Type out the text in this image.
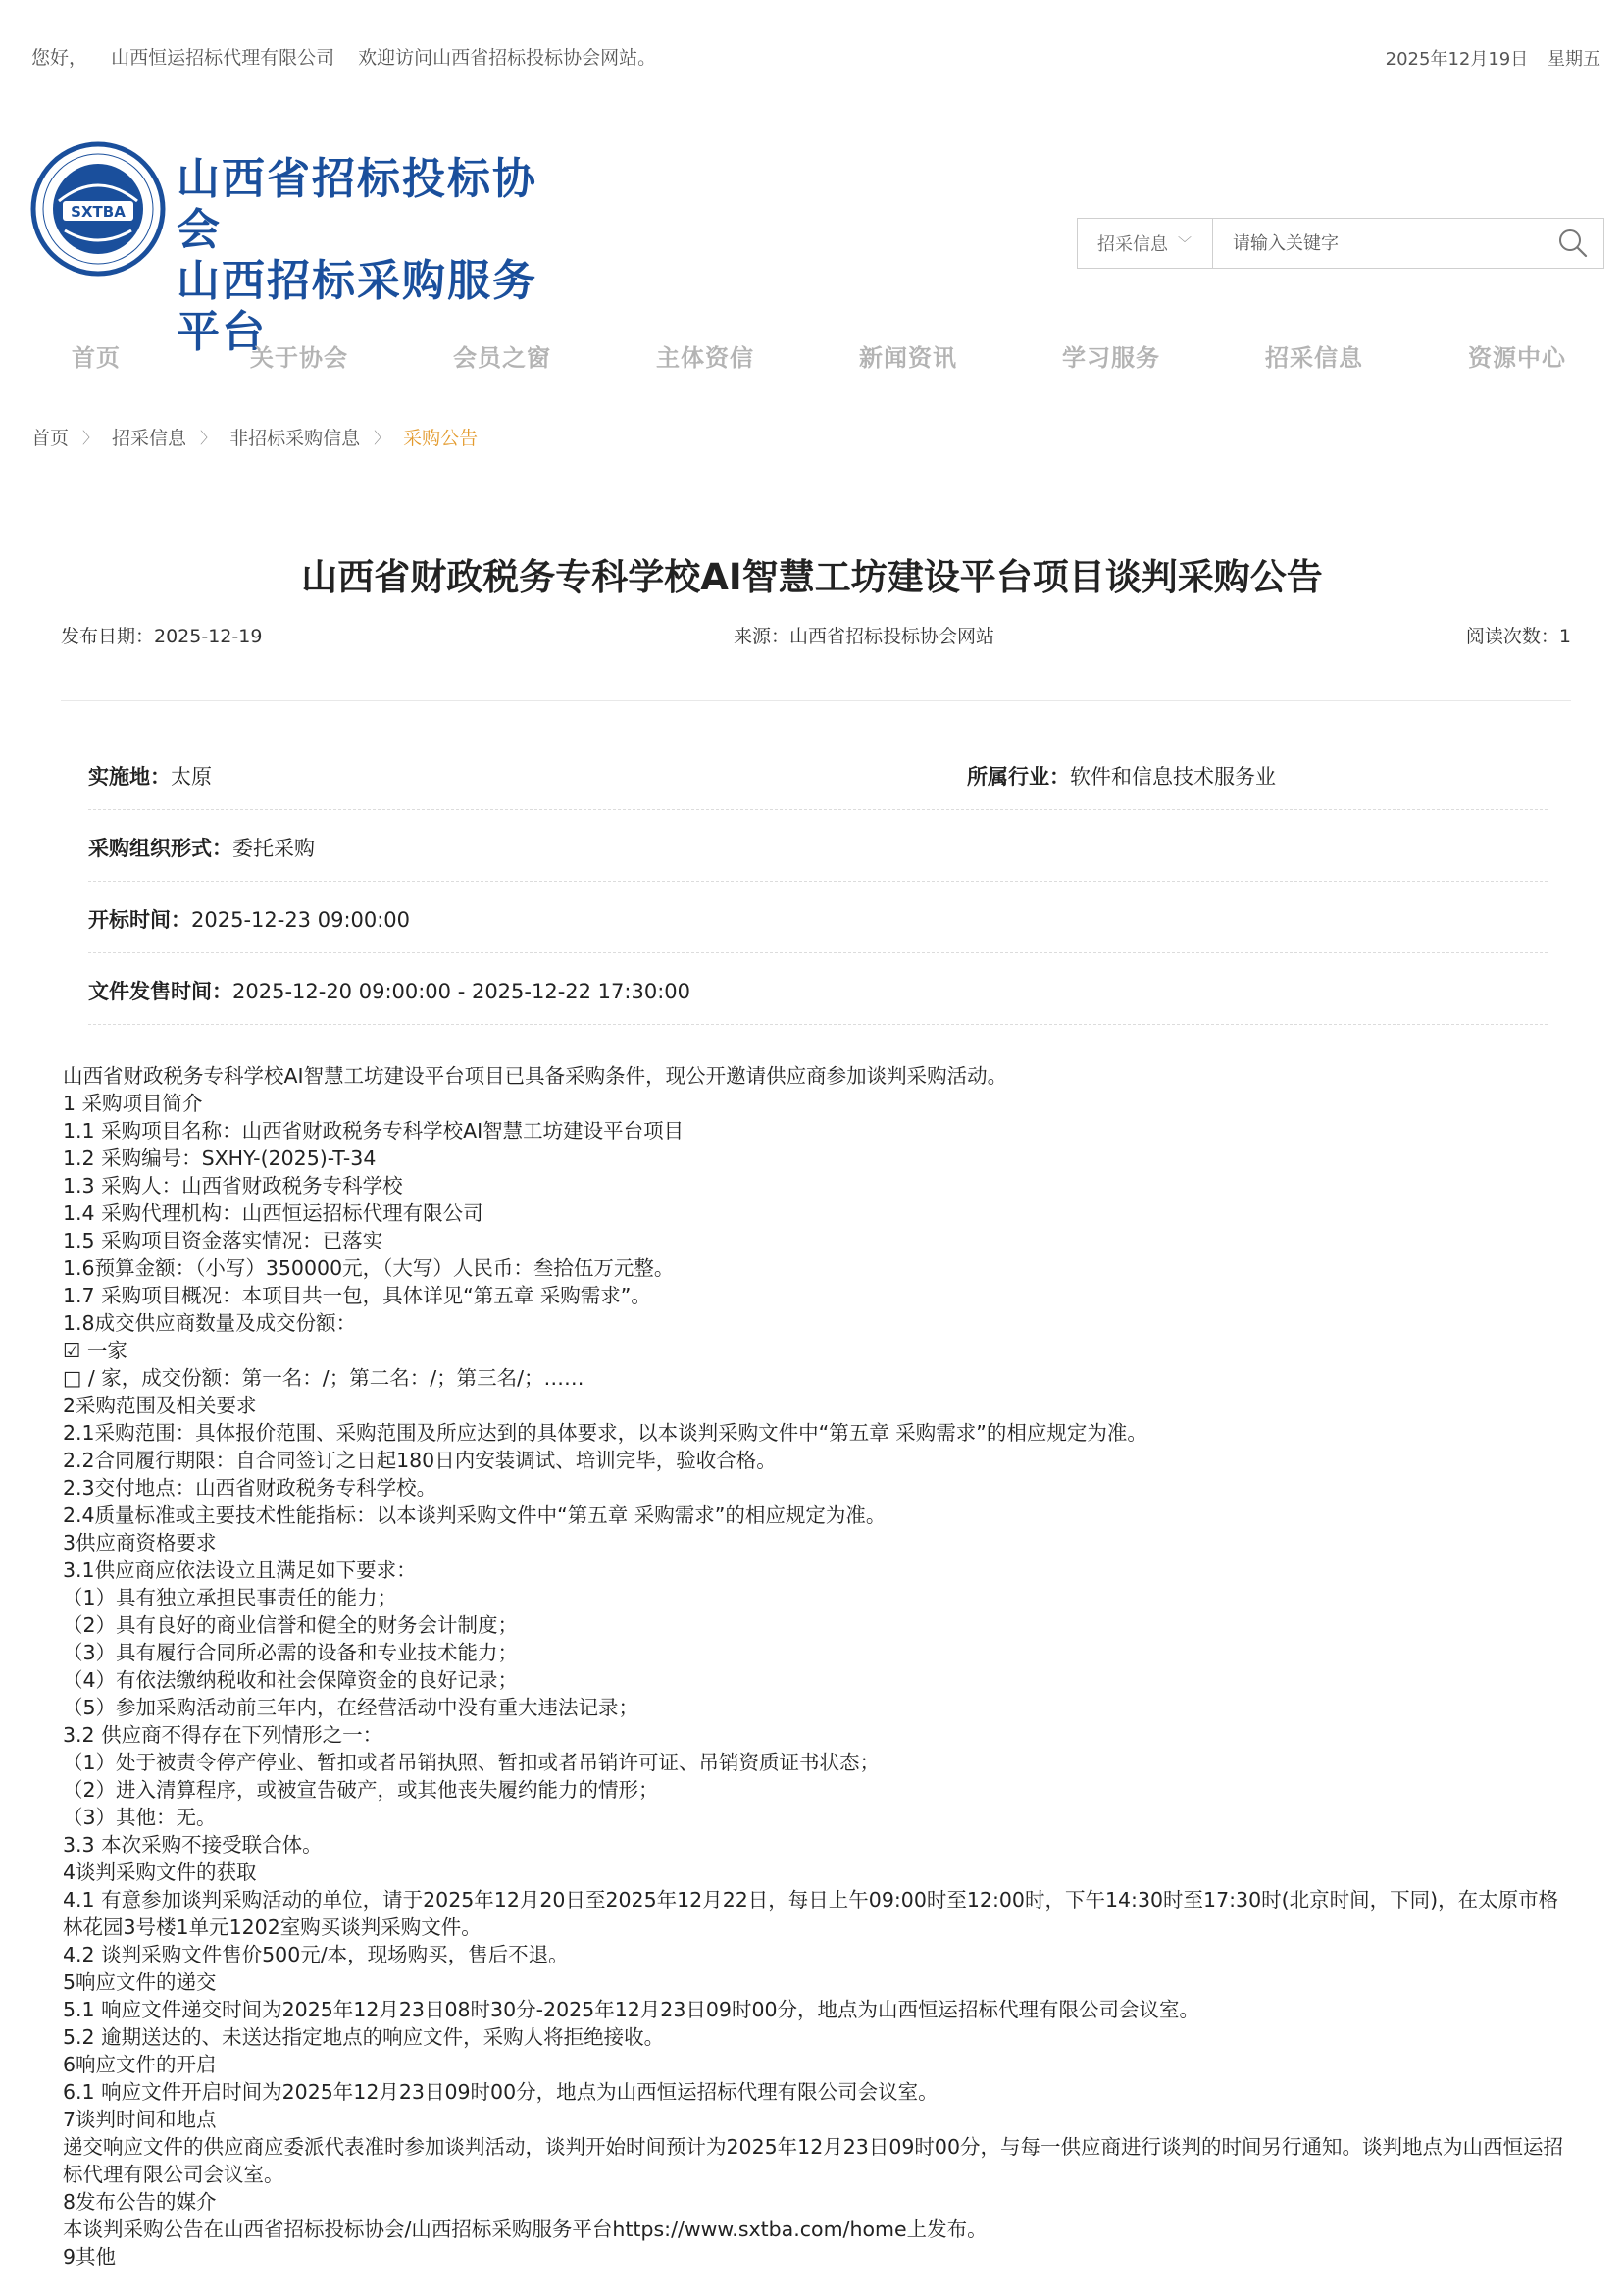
您好， 山西恒运招标代理有限公司 欢迎访问山西省招标投标协会网站。	2025年12月19日 星期五
SXTBA
山西省招标投标协会
山西招标采购服务平台
招采信息 ﹀
请输入关键字
首页	关于协会	会员之窗	主体资信	新闻资讯	学习服务	招采信息	资源中心
首页 〉 招采信息 〉 非招标采购信息 〉 采购公告
山西省财政税务专科学校AI智慧工坊建设平台项目谈判采购公告
发布日期：2025-12-19	来源：山西省招标投标协会网站	阅读次数：1
实施地：太原	所属行业：软件和信息技术服务业
采购组织形式：委托采购
开标时间：2025-12-23 09:00:00
文件发售时间：2025-12-20 09:00:00 - 2025-12-22 17:30:00
山西省财政税务专科学校AI智慧工坊建设平台项目已具备采购条件，现公开邀请供应商参加谈判采购活动。
1 采购项目简介
1.1 采购项目名称：山西省财政税务专科学校AI智慧工坊建设平台项目
1.2 采购编号：SXHY-(2025)-T-34
1.3 采购人：山西省财政税务专科学校
1.4 采购代理机构：山西恒运招标代理有限公司
1.5 采购项目资金落实情况：已落实
1.6预算金额：（小写）350000元，（大写）人民币：叁拾伍万元整。
1.7 采购项目概况：本项目共一包，具体详见“第五章 采购需求”。
1.8成交供应商数量及成交份额：
☑ 一家
□ / 家，成交份额：第一名：/；第二名：/；第三名/；……
2采购范围及相关要求
2.1采购范围：具体报价范围、采购范围及所应达到的具体要求，以本谈判采购文件中“第五章 采购需求”的相应规定为准。
2.2合同履行期限：自合同签订之日起180日内安装调试、培训完毕，验收合格。
2.3交付地点：山西省财政税务专科学校。
2.4质量标准或主要技术性能指标：以本谈判采购文件中“第五章 采购需求”的相应规定为准。
3供应商资格要求
3.1供应商应依法设立且满足如下要求：
（1）具有独立承担民事责任的能力；
（2）具有良好的商业信誉和健全的财务会计制度；
（3）具有履行合同所必需的设备和专业技术能力；
（4）有依法缴纳税收和社会保障资金的良好记录；
（5）参加采购活动前三年内，在经营活动中没有重大违法记录；
3.2 供应商不得存在下列情形之一：
（1）处于被责令停产停业、暂扣或者吊销执照、暂扣或者吊销许可证、吊销资质证书状态；
（2）进入清算程序，或被宣告破产，或其他丧失履约能力的情形；
（3）其他：无。
3.3 本次采购不接受联合体。
4谈判采购文件的获取
4.1 有意参加谈判采购活动的单位，请于2025年12月20日至2025年12月22日，每日上午09:00时至12:00时，下午14:30时至17:30时(北京时间，下同)，在太原市格林花园3号楼1单元1202室购买谈判采购文件。
4.2 谈判采购文件售价500元/本，现场购买，售后不退。
5响应文件的递交
5.1 响应文件递交时间为2025年12月23日08时30分-2025年12月23日09时00分，地点为山西恒运招标代理有限公司会议室。
5.2 逾期送达的、未送达指定地点的响应文件，采购人将拒绝接收。
6响应文件的开启
6.1 响应文件开启时间为2025年12月23日09时00分，地点为山西恒运招标代理有限公司会议室。
7谈判时间和地点
递交响应文件的供应商应委派代表准时参加谈判活动，谈判开始时间预计为2025年12月23日09时00分，与每一供应商进行谈判的时间另行通知。谈判地点为山西恒运招标代理有限公司会议室。
8发布公告的媒介
本谈判采购公告在山西省招标投标协会/山西招标采购服务平台https://www.sxtba.com/home上发布。
9其他
